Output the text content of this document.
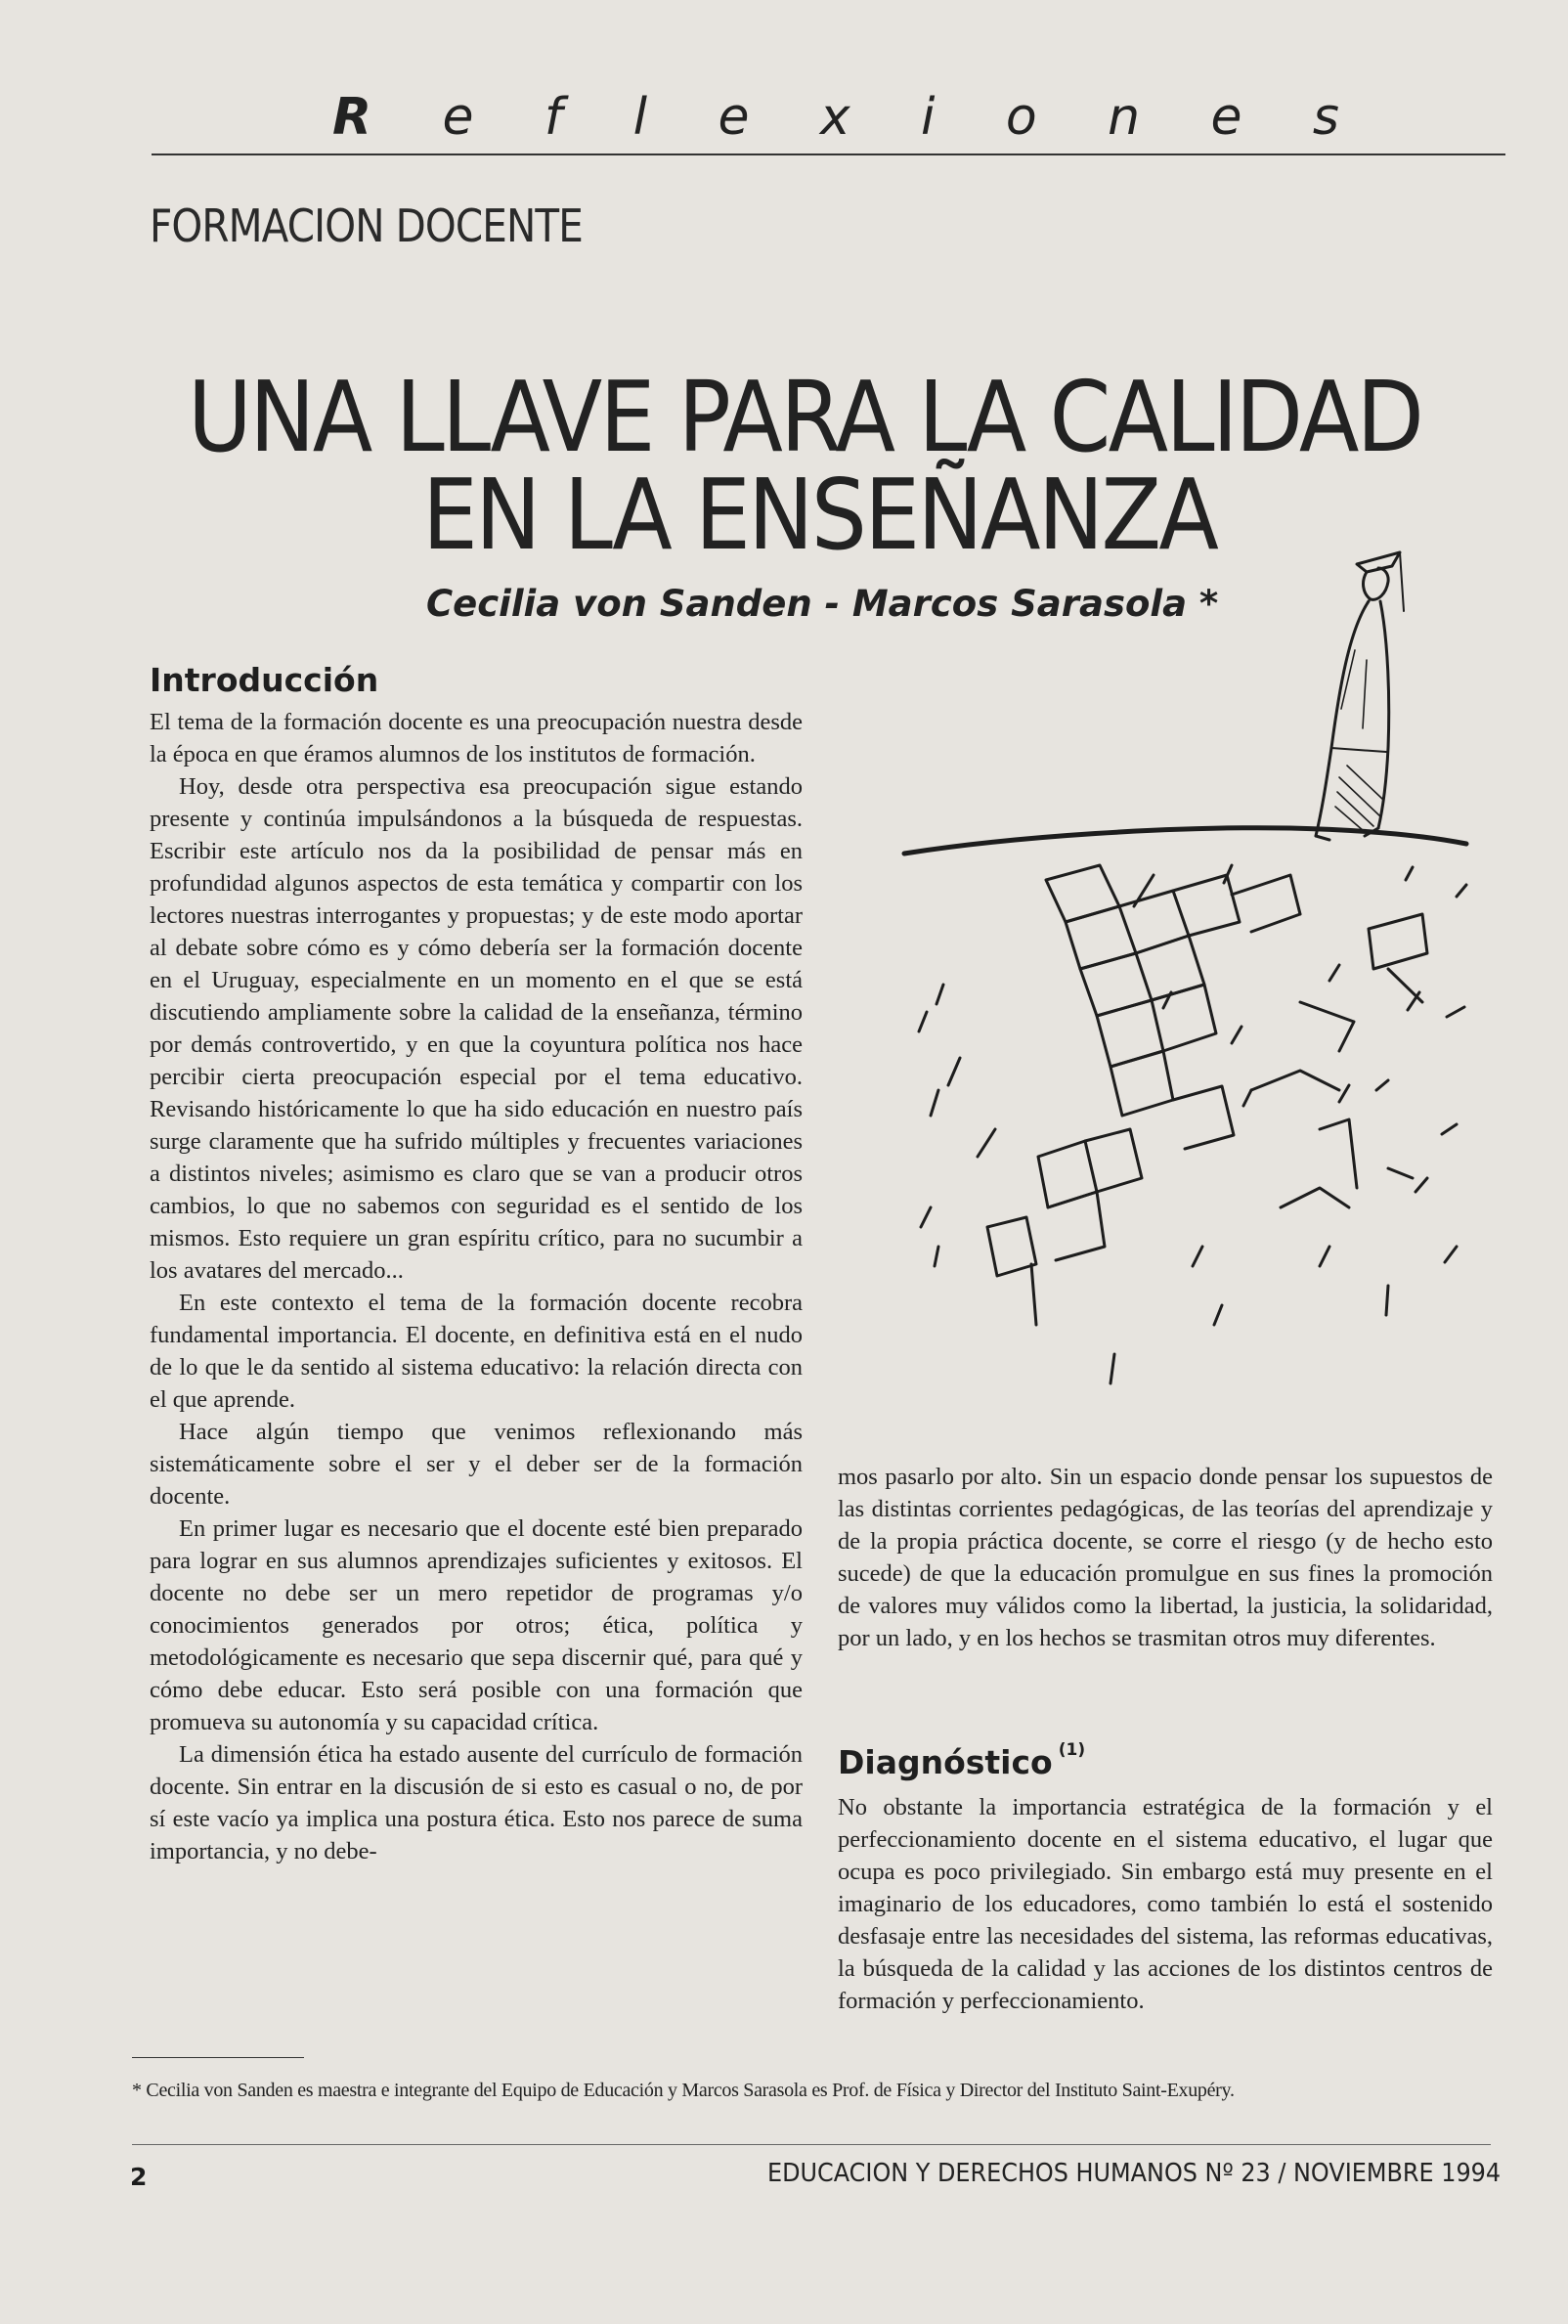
R e f l e x i o n e s
FORMACION DOCENTE
UNA LLAVE PARA LA CALIDAD
EN LA ENSEÑANZA
Cecilia von Sanden - Marcos Sarasola *
Introducción

El tema de la formación docente es una preocupación nuestra desde la época en que éramos alumnos de los institutos de formación.

Hoy, desde otra perspectiva esa preocupación sigue estando presente y continúa impulsándonos a la búsqueda de respuestas. Escribir este artículo nos da la posibilidad de pensar más en profundidad algunos aspectos de esta temática y compartir con los lectores nuestras interrogantes y propuestas; y de este modo aportar al debate sobre cómo es y cómo debería ser la formación docente en el Uruguay, especialmente en un momento en el que se está discutiendo ampliamente sobre la calidad de la enseñanza, término por demás controvertido, y en que la coyuntura política nos hace percibir cierta preocupación especial por el tema educativo. Revisando históricamente lo que ha sido educación en nuestro país surge claramente que ha sufrido múltiples y frecuentes variaciones a distintos niveles; asimismo es claro que se van a producir otros cambios, lo que no sabemos con seguridad es el sentido de los mismos. Esto requiere un gran espíritu crítico, para no sucumbir a los avatares del mercado...

En este contexto el tema de la formación docente recobra fundamental importancia. El docente, en definitiva está en el nudo de lo que le da sentido al sistema educativo: la relación directa con el que aprende.

Hace algún tiempo que venimos reflexionando más sistemáticamente sobre el ser y el deber ser de la formación docente.

En primer lugar es necesario que el docente esté bien preparado para lograr en sus alumnos aprendizajes suficientes y exitosos. El docente no debe ser un mero repetidor de programas y/o conocimientos generados por otros; ética, política y metodológicamente es necesario que sepa discernir qué, para qué y cómo debe educar. Esto será posible con una formación que promueva su autonomía y su capacidad crítica.

La dimensión ética ha estado ausente del currículo de formación docente. Sin entrar en la discusión de si esto es casual o no, de por sí este vacío ya implica una postura ética. Esto nos parece de suma importancia, y no debe-

mos pasarlo por alto. Sin un espacio donde pensar los supuestos de las distintas corrientes pedagógicas, de las teorías del aprendizaje y de la propia práctica docente, se corre el riesgo (y de hecho esto sucede) de que la educación promulgue en sus fines la promoción de valores muy válidos como la libertad, la justicia, la solidaridad, por un lado, y en los hechos se trasmitan otros muy diferentes.

Diagnóstico $^{(1)}$

No obstante la importancia estratégica de la formación y el perfeccionamiento docente en el sistema educativo, el lugar que ocupa es poco privilegiado. Sin embargo está muy presente en el imaginario de los educadores, como también lo está el sostenido desfasaje entre las necesidades del sistema, las reformas educativas, la búsqueda de la calidad y las acciones de los distintos centros de formación y perfeccionamiento.

* Cecilia von Sanden es maestra e integrante del Equipo de Educación y Marcos Sarasola es Prof. de Física y Director del Instituto Saint-Exupéry.
2	EDUCACION Y DERECHOS HUMANOS Nº 23 / NOVIEMBRE 1994
